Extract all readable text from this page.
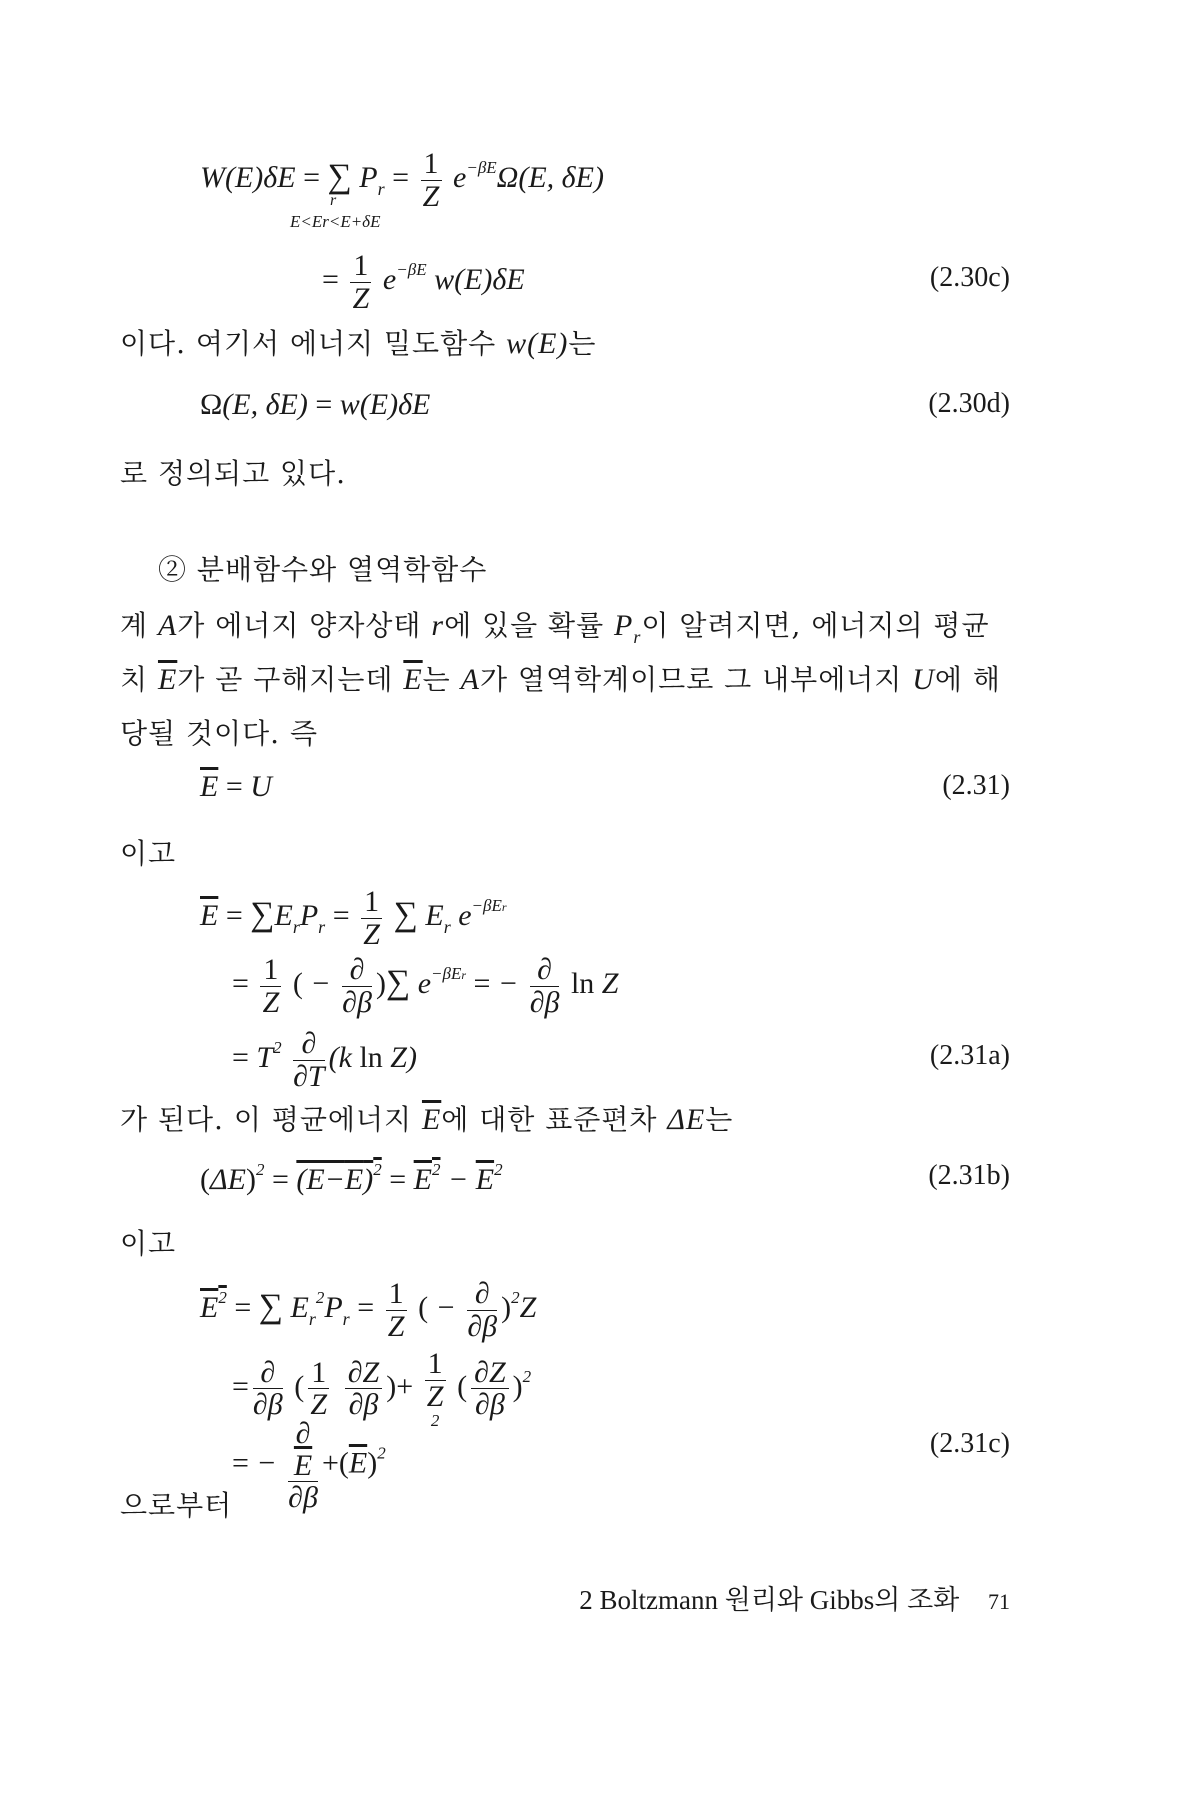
W(E)δE = ∑ $P_r = \frac{1}{Z} e^{-\beta E}\Omega(E$, δE)
r
E<Er<E+δE
= $\frac{1}{Z} e^{-\beta E}$ w(E)δE	(2.30c)
이다. 여기서 에너지 밀도함수 w(E)는
Ω(E, δE) = w(E)δE	(2.30d)
로 정의되고 있다.
② 분배함수와 열역학함수
계 A가 에너지 양자상태 r에 있을 확률 $P_r$이 알려지면, 에너지의 평균
치 E가 곧 구해지는데 E는 A가 열역학계이므로 그 내부에너지 U에 해
당될 것이다. 즉
$\overline{E} = U$	(2.31)
이고
$\overline{E} = \sum E_rP_r = \frac{1}{Z}$ ∑ $E_r$ $e^{-\beta Er}$
= $\frac{1}{Z}$ ( − $\frac{\partial}{\partial\beta}$ )∑ $e^{-\beta Er}$ = − $\frac{\partial}{\partial\beta}$ ln Z
= $T^2 \frac{\partial}{\partial T} (k$ ln Z)	(2.31a)
가 된다. 이 평균에너지 E에 대한 표준편차 ΔE는
$(\Delta E)^2 = (E-E)^2 = E^2 - \overline{E}^2$	(2.31b)
이고
$E^2$ = ∑ $E_r^2P_r = \frac{1}{Z}$ ( − $\frac{\partial}{\partial\beta} )^2Z$
= $\frac{\partial}{\partial\beta}$ ( $\frac{1}{Z}$
$\frac{\partial Z}{\partial\beta}$ )+ 1
Z
2 ( $\frac{\partial Z}{\partial\beta} )^2$
= − ∂
$\overline{E}$
$\partial\beta +(\overline{E})^2$	(2.31c)
으로부터
2 Boltzmann 원리와 Gibbs의 조화 71
